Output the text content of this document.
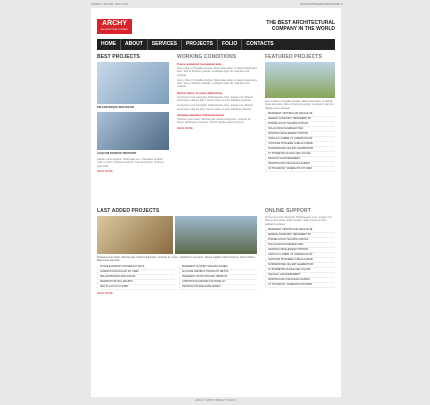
FRIDAY, JAN 28, 2007 0:00	SUPPORT FREE SITEMAP HELP
ARCHY
ARCHITECTURAL COMPANY
THE BEST ARCHITECTURAL
COMPANY IN THE WORLD
HOME	ABOUT	SERVICES	PROJECTS	FOLIO	CONTACTS
BEST PROJECTS
PELLENTESQUE SED DOLOR
ALIQUAM DAPIBUS TINCIDUNT

Aliquam erat volutpat. Nulla vitae sem. Phasellus porttitor nunc in lorem. Praesent sed dui. Cras sed lorem. Vivamus eget nulla.

READ MORE
WORKING CONDITIONS
Fusce euismod consequat ante

Sed ut diam in fringilla volutpat. Nulla vitae tellus. In aliquet ligula quis ante. Sed et tristique gravida, ut aliquam eget dui. Aliquam erat volutpat.

Sed ut diam in fringilla volutpat. Nulla vitae tellus. In aliquet ligula quis ante. Sed et tristique gravida, ut aliquam eget dui. Aliquam erat volutpat.

Sed ut lacus et nune adipiscing

Fermentum sed nisi ligula. Pellentesque nunc. Integer nisi. Mauris accumsan nulla vel diam. Sed in lacus ut enim adipiscing aliquet.

Fermentum sed nisi ligula. Pellentesque nunc. Integer nisi. Mauris accumsan nulla vel diam. Sed in lacus ut enim adipiscing aliquet.

Aliquam dapibus tincidunt metus

Praesent justo dolor, lobortis quis, lobortis dignissim, pulvinar ac, lorem. Vestibulum sed ante. Donec sagittis euismod purus.

READ MORE
FEATURED PROJECTS

Sed ut diam in fringilla volutpat. Nulla vitae tellus. In aliquet ligula quis ante. Sed et tristique gravida, ut aliquam eget dui. Aliquam erat volutpat.

› PRAESENT VESTIBULUM VELETE SE
› AENEAN NONUMMY HENDRERIT MI
› PHASELLUS ET MAURIS CURSUS
› NULLA FACILISI AENEAN NEC
› VESTIBULUM ELEIFEND TORTOR
› CRAS ACI LOREM UT LOREM DOLOR
› ULTRICES POSUERE CUBILIA CURAE
› SUSPENDISSE VEL EST ELEMENTUM
› UT PHARETRA AUGUE NEC AUGUE
› NAM ELIT AGNA ENDRERIT
› VESTIBULUM CONGUE EU SAPIEN
› UT TINCIDUNT, VENENATIS SIT AMET
LAST ADDED PROJECTS

Praesent justo dolor, lobortis quis, lobortis dignissim, pulvinar ac, lorem. Vestibulum sed ante. Donec sagittis euismod purus. Sed ut libero. Maecenas sed felis.

› FUSCE EUISMOD CONSEQUAT ANTE
› LOREM IPSUM DOLOR SIT AMET
› PELLENTESQUE SED DOLOR
› FERMENTUM NISL MAURIS
› SED IN LACUS UT ENIM
› PRAESENT ALIQUET GRAVIDA DONEC
› ALIQUAM DAPIBUS TINCIDUNT METUS
› PRAESENT JUSTO DOLOR LOBORTIS
› LOBORTIS DIGNISSIM PULVINAR AC
› VESTIBULUM SED ANTE DONEC
READ MORE
ONLINE SUPPORT

Fermentum sed nisi ligula. Pellentesque nunc. Integer nisi. Mauris accumsan nulla vel diam. Sed in lacus ut enim adipiscing aliquet.

› PRAESENT VESTIBULUM VELETE SE
› AENEAN NONUMMY HENDRERIT MI
› PHASELLUS ET MAURIS CURSUS
› NULLA FACILISI AENEAN NEC
› VESTIBULUM ELEIFEND TORTOR
› CRAS ACI LOREM UT LOREM DOLOR
› ULTRICES POSUERE CUBILIA CURAE
› SUSPENDISSE VEL EST ELEMENTUM
› UT PHARETRA AUGUE NEC AUGUE
› NAM ELIT AGNA ENDRERIT
› VESTIBULUM CONGUE EU SAPIEN
› UT TINCIDUNT, VENENATIS SIT AMET
ARCHY ©2007 | PRIVACY POLICY
